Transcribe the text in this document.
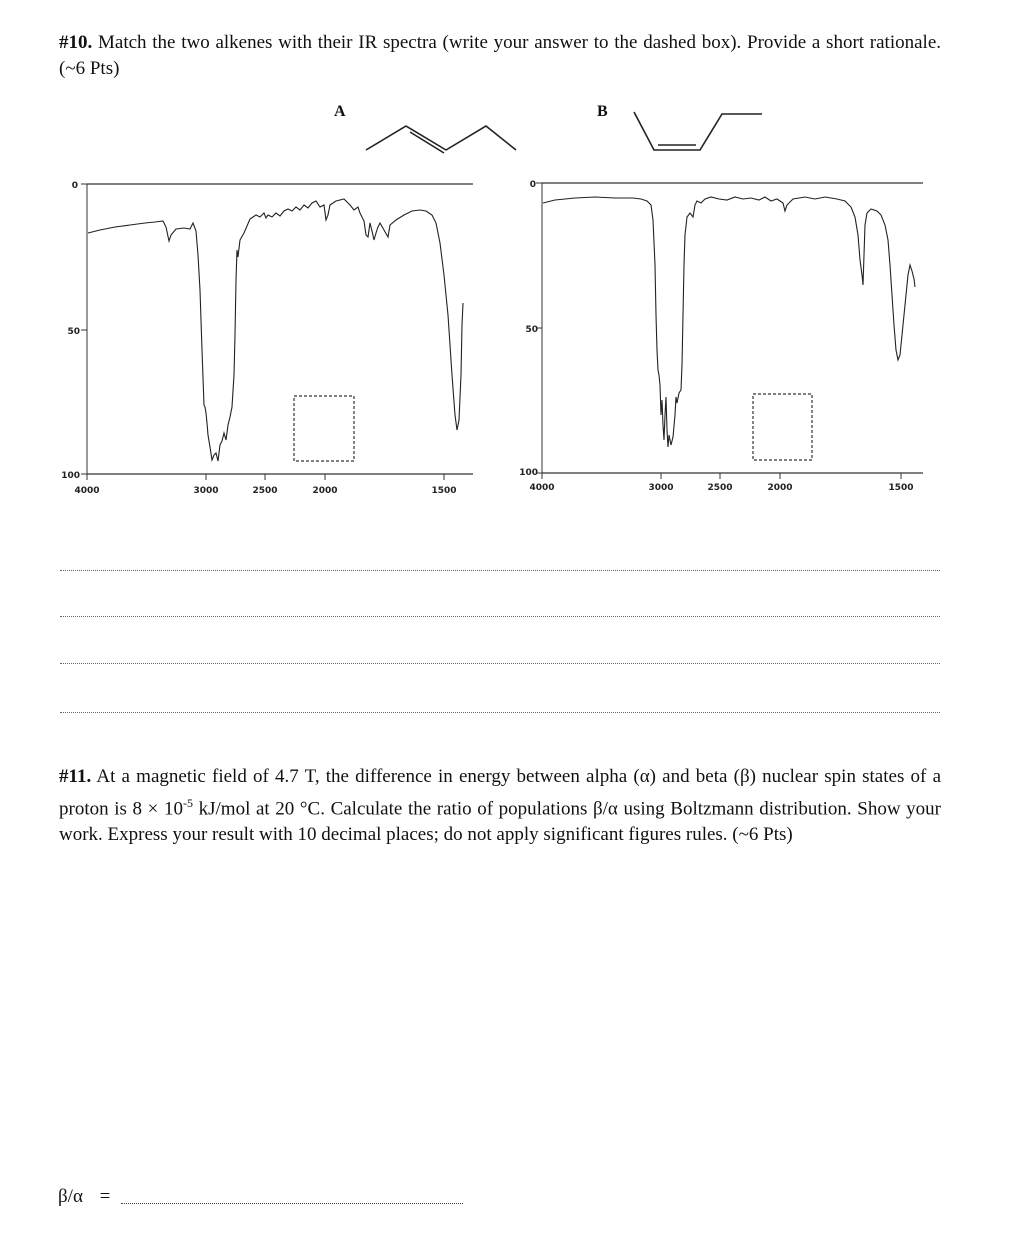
#10. Match the two alkenes with their IR spectra (write your answer to the dashed box). Provide a short rationale. (~6 Pts)

A	B
0
50
100
4000	3000	2500	2000	1500
0
50
100
4000	3000	2500	2000	1500

#11. At a magnetic field of 4.7 T, the difference in energy between alpha (α) and beta (β) nuclear spin states of a proton is $8 \times 10^{-5}$ kJ/mol at 20 °C. Calculate the ratio of populations β/α using Boltzmann distribution. Show your work. Express your result with 10 decimal places; do not apply significant figures rules. (~6 Pts)

β/α =
